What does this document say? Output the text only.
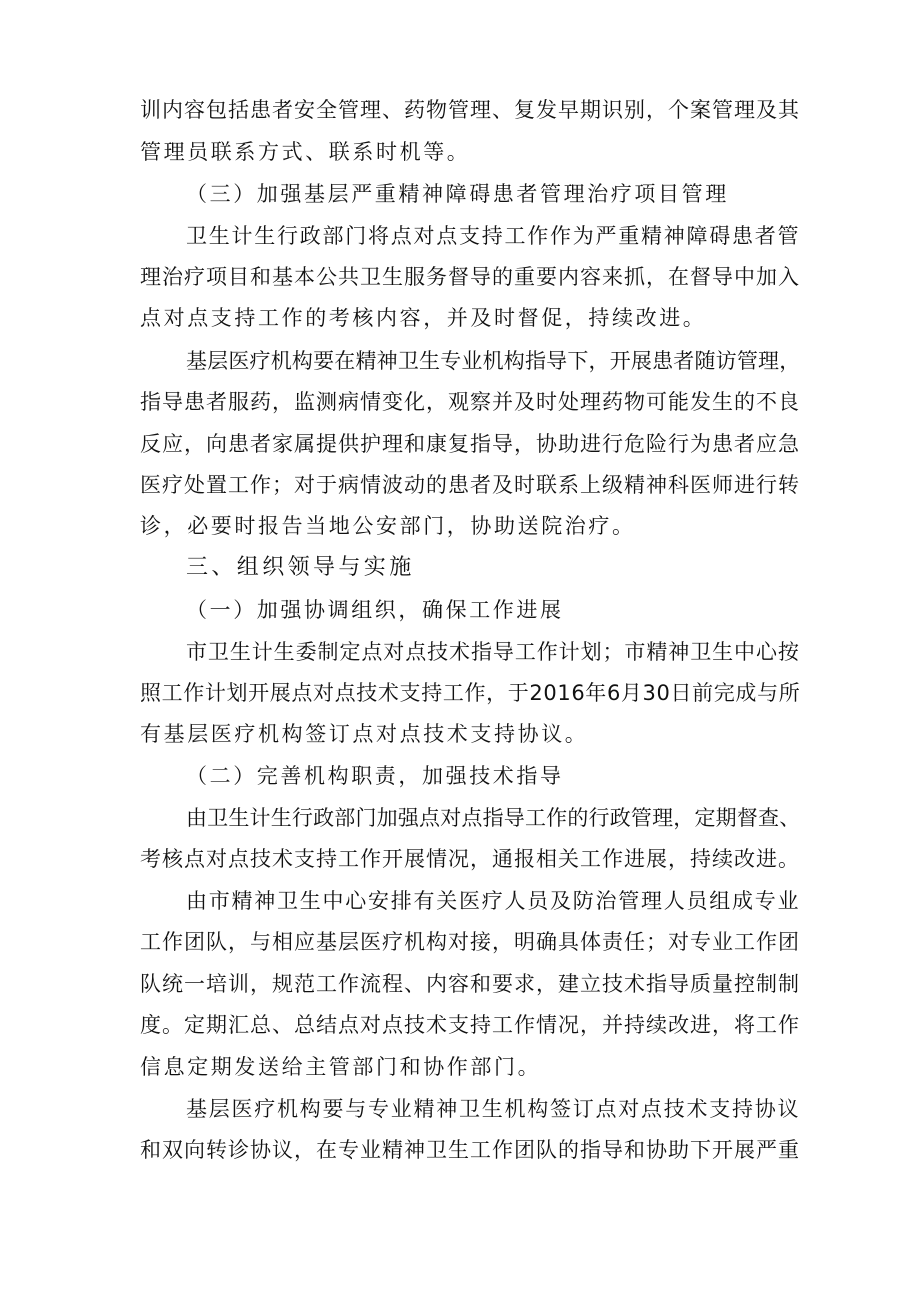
训内容包括患者安全管理、药物管理、复发早期识别，个案管理及其
管理员联系方式、联系时机等。
（三）加强基层严重精神障碍患者管理治疗项目管理
卫生计生行政部门将点对点支持工作作为严重精神障碍患者管
理治疗项目和基本公共卫生服务督导的重要内容来抓，在督导中加入
点对点支持工作的考核内容，并及时督促，持续改进。
基层医疗机构要在精神卫生专业机构指导下，开展患者随访管理，
指导患者服药，监测病情变化，观察并及时处理药物可能发生的不良
反应，向患者家属提供护理和康复指导，协助进行危险行为患者应急
医疗处置工作；对于病情波动的患者及时联系上级精神科医师进行转
诊，必要时报告当地公安部门，协助送院治疗。
三、组织领导与实施
（一）加强协调组织，确保工作进展
市卫生计生委制定点对点技术指导工作计划；市精神卫生中心按
照工作计划开展点对点技术支持工作，于2016年6月30日前完成与所
有基层医疗机构签订点对点技术支持协议。
（二）完善机构职责，加强技术指导
由卫生计生行政部门加强点对点指导工作的行政管理，定期督查、
考核点对点技术支持工作开展情况，通报相关工作进展，持续改进。
由市精神卫生中心安排有关医疗人员及防治管理人员组成专业
工作团队，与相应基层医疗机构对接，明确具体责任；对专业工作团
队统一培训，规范工作流程、内容和要求，建立技术指导质量控制制
度。定期汇总、总结点对点技术支持工作情况，并持续改进，将工作
信息定期发送给主管部门和协作部门。
基层医疗机构要与专业精神卫生机构签订点对点技术支持协议
和双向转诊协议，在专业精神卫生工作团队的指导和协助下开展严重
